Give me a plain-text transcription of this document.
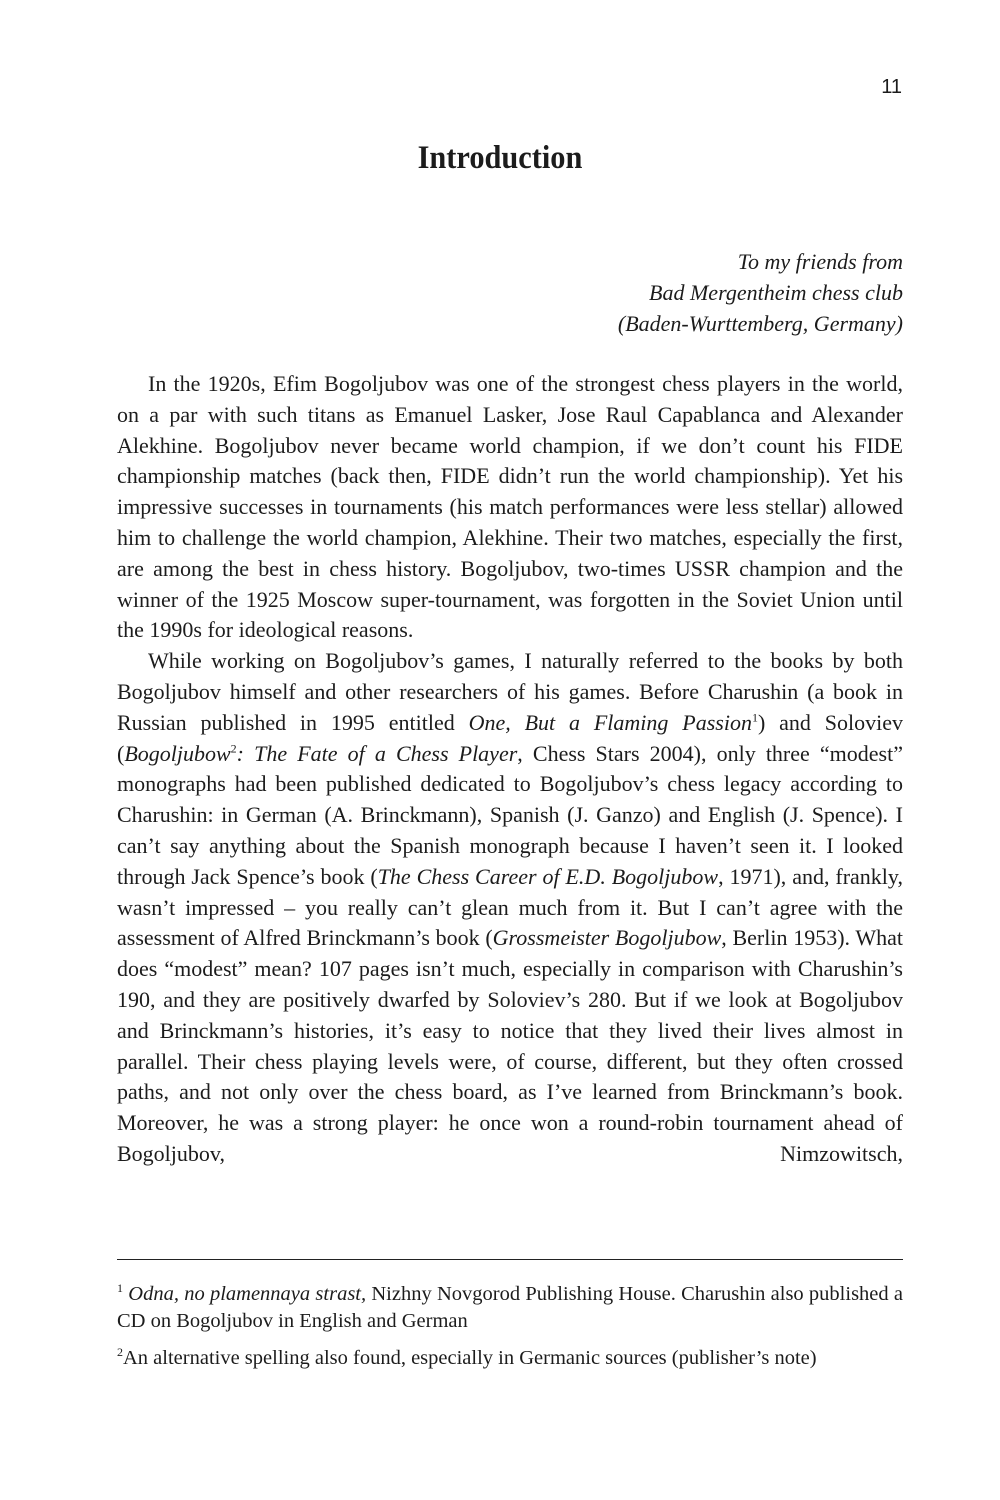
11
Introduction
To my friends from
Bad Mergentheim chess club
(Baden-Wurttemberg, Germany)

In the 1920s, Efim Bogoljubov was one of the strongest chess players in the world, on a par with such titans as Emanuel Lasker, Jose Raul Capablanca and Alexander Alekhine. Bogoljubov never became world champion, if we don’t count his FIDE championship matches (back then, FIDE didn’t run the world championship). Yet his impressive successes in tournaments (his match performances were less stellar) allowed him to challenge the world champion, Alekhine. Their two matches, especially the first, are among the best in chess history. Bogoljubov, two-times USSR champion and the winner of the 1925 Moscow super-tournament, was forgotten in the Soviet Union until the 1990s for ideological reasons.

While working on Bogoljubov’s games, I naturally referred to the books by both Bogoljubov himself and other researchers of his games. Before Charushin (a book in Russian published in 1995 entitled One, But a Flaming Passion$^1$) and Soloviev (Bogoljubow$^2$: The Fate of a Chess Player, Chess Stars 2004), only three “modest” monographs had been published dedicated to Bogoljubov’s chess legacy according to Charushin: in German (A. Brinckmann), Spanish (J. Ganzo) and English (J. Spence). I can’t say anything about the Spanish monograph because I haven’t seen it. I looked through Jack Spence’s book (The Chess Career of E.D. Bogoljubow, 1971), and, frankly, wasn’t impressed – you really can’t glean much from it. But I can’t agree with the assessment of Alfred Brinckmann’s book (Grossmeister Bogoljubow, Berlin 1953). What does “modest” mean? 107 pages isn’t much, especially in comparison with Charushin’s 190, and they are positively dwarfed by Soloviev’s 280. But if we look at Bogoljubov and Brinckmann’s histories, it’s easy to notice that they lived their lives almost in parallel. Their chess playing levels were, of course, different, but they often crossed paths, and not only over the chess board, as I’ve learned from Brinckmann’s book. Moreover, he was a strong player: he once won a round-robin tournament ahead of Bogoljubov, Nimzowitsch,

$^1$ Odna, no plamennaya strast, Nizhny Novgorod Publishing House. Charushin also published a CD on Bogoljubov in English and German

$^2$An alternative spelling also found, especially in Germanic sources (publisher’s note)
